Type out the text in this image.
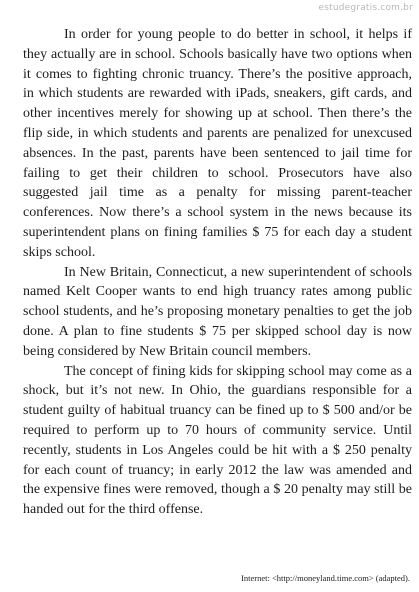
estudegratis.com.br

In order for young people to do better in school, it helps if they actually are in school. Schools basically have two options when it comes to fighting chronic truancy. There’s the positive approach, in which students are rewarded with iPads, sneakers, gift cards, and other incentives merely for showing up at school. Then there’s the flip side, in which students and parents are penalized for unexcused absences. In the past, parents have been sentenced to jail time for failing to get their children to school. Prosecutors have also suggested jail time as a penalty for missing parent-teacher conferences. Now there’s a school system in the news because its superintendent plans on fining families $ 75 for each day a student skips school.

In New Britain, Connecticut, a new superintendent of schools named Kelt Cooper wants to end high truancy rates among public school students, and he’s proposing monetary penalties to get the job done. A plan to fine students $ 75 per skipped school day is now being considered by New Britain council members.

The concept of fining kids for skipping school may come as a shock, but it’s not new. In Ohio, the guardians responsible for a student guilty of habitual truancy can be fined up to $ 500 and/or be required to perform up to 70 hours of community service. Until recently, students in Los Angeles could be hit with a $ 250 penalty for each count of truancy; in early 2012 the law was amended and the expensive fines were removed, though a $ 20 penalty may still be handed out for the third offense.

Internet: <http://moneyland.time.com> (adapted).
